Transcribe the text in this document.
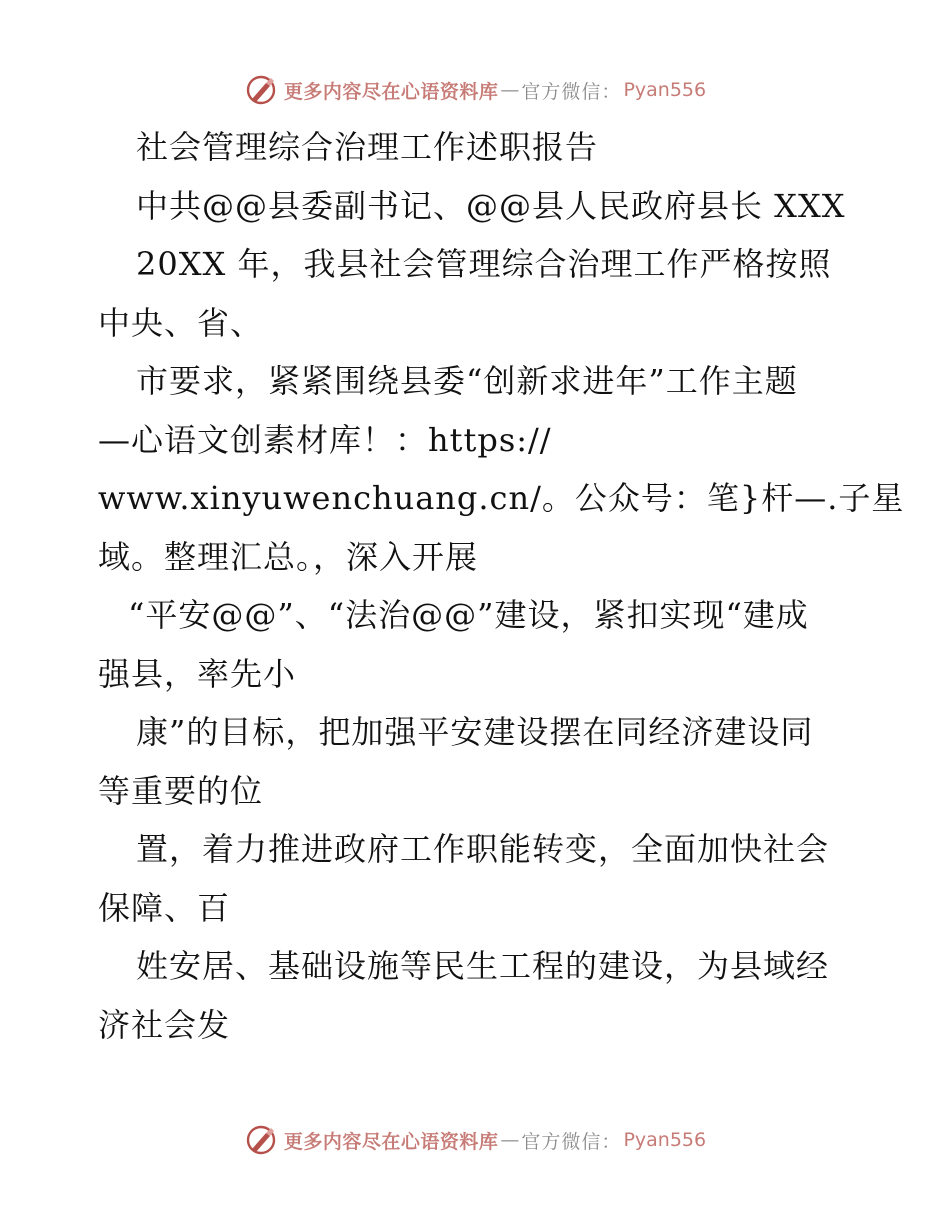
更多内容尽在心语资料库 — 官方微信： Pyan556
社会管理综合治理工作述职报告
中共@@县委副书记、@@县人民政府县长 XXX
20XX 年，我县社会管理综合治理工作严格按照
中央、省、
市要求，紧紧围绕县委“创新求进年”工作主题
—心语文创素材库！：https://
www.xinyuwenchuang.cn/。公众号：笔}杆—.子星
域。整理汇总。，深入开展
“平安@@”、“法治@@”建设，紧扣实现“建成
强县，率先小
康”的目标，把加强平安建设摆在同经济建设同
等重要的位
置，着力推进政府工作职能转变，全面加快社会
保障、百
姓安居、基础设施等民生工程的建设，为县域经
济社会发
更多内容尽在心语资料库 — 官方微信： Pyan556
